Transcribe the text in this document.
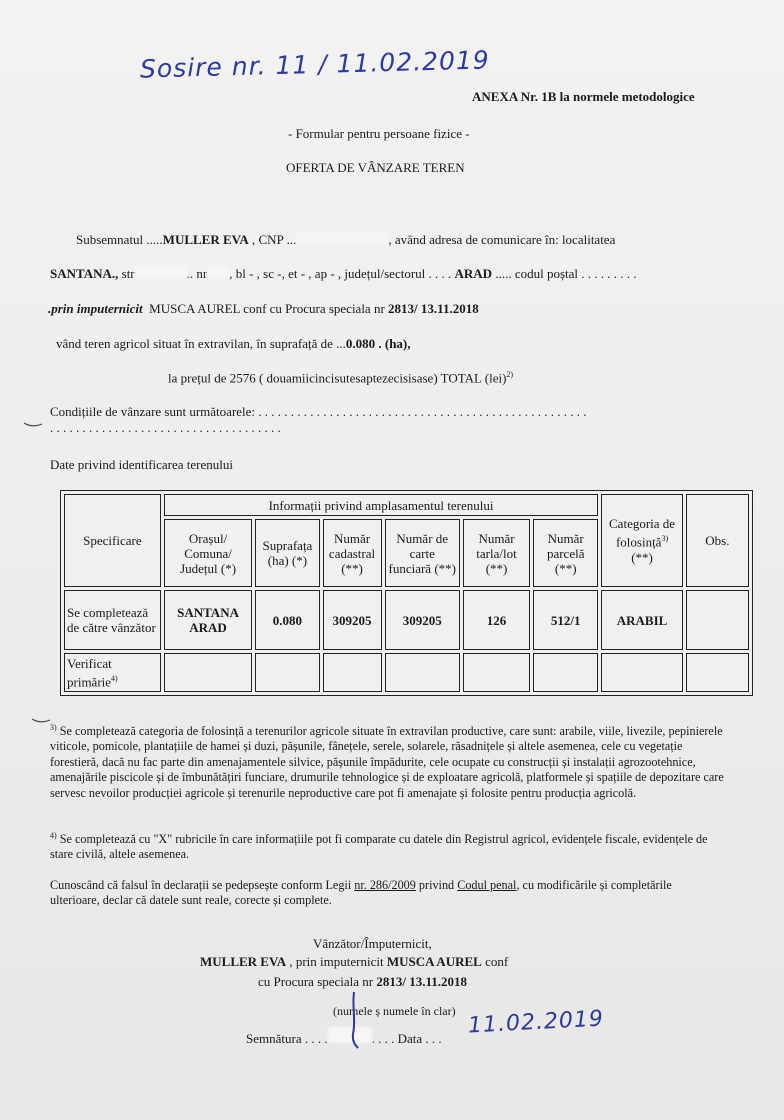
Sosire nr. 11 / 11.02.2019
ANEXA Nr. 1B la normele metodologice
- Formular pentru persoane fizice -
OFERTA DE VÂNZARE TEREN
Subsemnatul .....MULLER EVA , CNP ...	, având adresa de comunicare în: localitatea
SANTANA., str	.. nr , bl - , sc -, et - , ap - , județul/sectorul . . . . ARAD ..... codul poștal . . . . . . . . .
.prin imputernicit MUSCA AUREL conf cu Procura speciala nr 2813/ 13.11.2018
vând teren agricol situat în extravilan, în suprafață de ...0.080 . (ha),
la prețul de 2576 ( douamiicincisutesaptezecisisase) TOTAL (lei)$^{2)}$
Condițiile de vânzare sunt următoarele: . . . . . . . . . . . . . . . . . . . . . . . . . . . . . . . . . . . . . . . . . . . . . . . . . . .
. . . . . . . . . . . . . . . . . . . . . . . . . . . . . . . . . . . .
Date privind identificarea terenului
Specificare	Informații privind amplasamentul terenului						Categoria de folosință$^{3)}$ (**)	Obs.
	Orașul/ Comuna/ Județul (*)	Suprafața (ha) (*)	Număr cadastral (**)	Număr de carte funciară (**)	Număr tarla/lot (**)	Număr parcelă (**)		
Se completează de către vânzător	SANTANA ARAD	0.080	309205	309205	126	512/1	ARABIL	
Verificat primărie$^{4)}$								
$^{3)}$ Se completează categoria de folosință a terenurilor agricole situate în extravilan productive, care sunt: arabile, viile, livezile, pepinierele viticole, pomicole, plantațiile de hamei și duzi, pășunile, fânețele, serele, solarele, răsadnițele și altele asemenea, cele cu vegetație forestieră, dacă nu fac parte din amenajamentele silvice, pășunile împădurite, cele ocupate cu construcții și instalații agrozootehnice, amenajările piscicole și de îmbunătățiri funciare, drumurile tehnologice și de exploatare agricolă, platformele și spațiile de depozitare care servesc nevoilor producției agricole și terenurile neproductive care pot fi amenajate și folosite pentru producția agricolă.
$^{4)}$ Se completează cu "X" rubricile în care informațiile pot fi comparate cu datele din Registrul agricol, evidențele fiscale, evidențele de stare civilă, altele asemenea.
Cunoscând că falsul în declarații se pedepsește conform Legii nr. 286/2009 privind Codul penal, cu modificările și completările ulterioare, declar că datele sunt reale, corecte și complete.
Vânzător/Împuternicit,
MULLER EVA , prin imputernicit MUSCA AUREL conf
cu Procura speciala nr 2813/ 13.11.2018
(numele ș numele în clar)
Semnătura . . . .	. . . . Data . . . 11.02.2019
